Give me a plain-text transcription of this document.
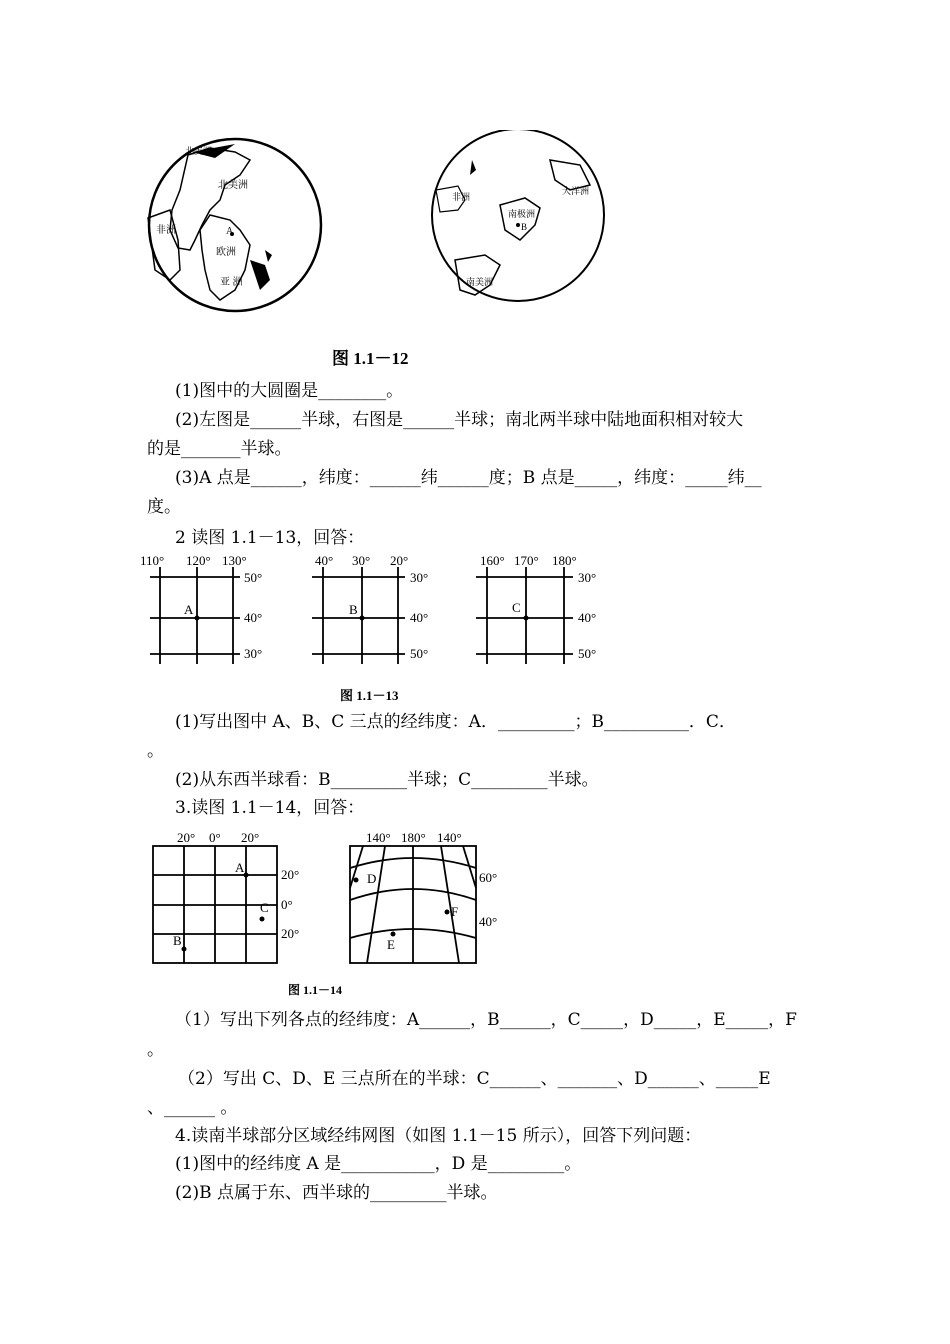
北美洲
北美洲
非洲
欧洲
亚 洲
A
非洲
大洋洲
南极洲
B
南美洲
图 1.1－12
(1)图中的大圆圈是________。
(2)左图是______半球，右图是______半球；南北两半球中陆地面积相对较大
的是_______半球。
(3)A 点是______，纬度：______纬______度；B 点是_____，纬度：_____纬__
度。
2 读图 1.1－13，回答：
110° 120° 130°
50°
40°
30°
A
40° 30° 20°
30°
40°
50°
B
160° 170° 180°
30°
40°
50°
C
图 1.1－13
(1)写出图中 A、B、C 三点的经纬度：A．_________；B__________．C．
。
(2)从东西半球看：B_________半球；C_________半球。
3.读图 1.1－14，回答：
20° 0° 20°
20°
0°
20°
A
B
C
140° 180° 140°
60°
40°
D
E
F
图 1.1－14
（1）写出下列各点的经纬度：A______，B______，C_____，D_____，E_____，F
。
（2）写出 C、D、E 三点所在的半球：C______、_______、D______、_____E
、______ 。
4.读南半球部分区域经纬网图（如图 1.1－15 所示），回答下列问题：
(1)图中的经纬度 A 是___________，D 是_________。
(2)B 点属于东、西半球的_________半球。
